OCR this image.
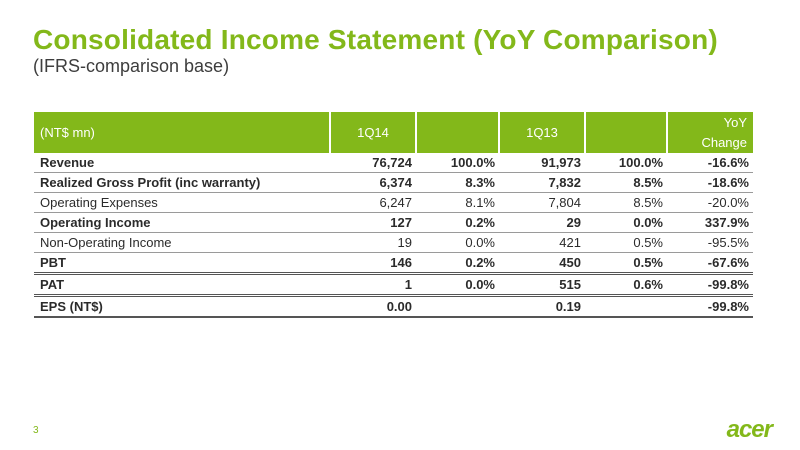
Consolidated Income Statement (YoY Comparison)
(IFRS-comparison base)
(NT$ mn)	1Q14		1Q13		YoY
Change
Revenue	76,724	100.0%	91,973	100.0%	-16.6%
Realized Gross Profit (inc warranty)	6,374	8.3%	7,832	8.5%	-18.6%
Operating Expenses	6,247	8.1%	7,804	8.5%	-20.0%
Operating Income	127	0.2%	29	0.0%	337.9%
Non-Operating Income	19	0.0%	421	0.5%	-95.5%
PBT	146	0.2%	450	0.5%	-67.6%
PAT	1	0.0%	515	0.6%	-99.8%
EPS (NT$)	0.00		0.19		-99.8%
3	acer
